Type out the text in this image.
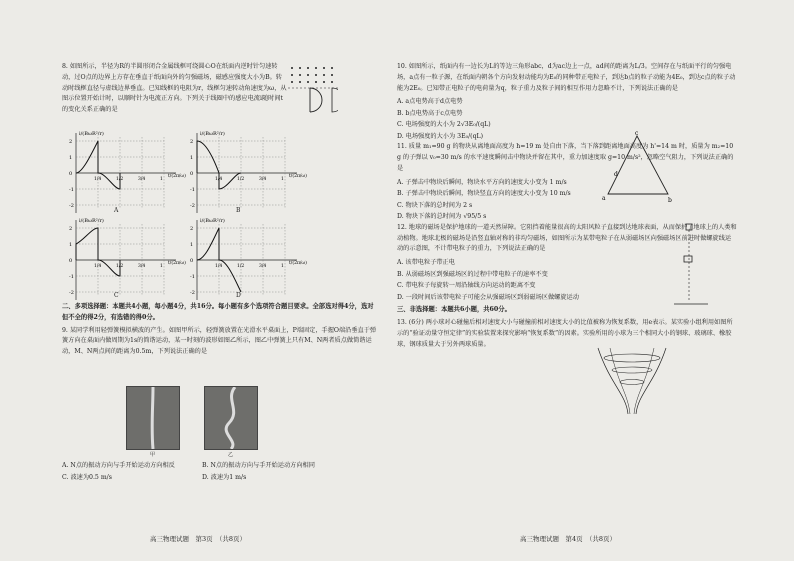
8. 如图所示，半径为R的半圆形闭合金属线框可绕圆心O在纸面内逆时针匀速转动，过O点的边界上方存在垂直于纸面向外的匀强磁场，磁感应强度大小为B。转动时线框直径与虚线边界垂直。已知线框的电阻为r，线框匀速转动角速度为ω，从图示位置开始计时，以顺时针为电流正方向。下列关于线圈中的感应电流i随时间t的变化关系正确的是

2
1
0
-1
-2
1/4	1/2	3/4	1
i/(BωR²/r)
t/(2π/ω)
2
1
0
-1
-2
1/4	1/2	3/4	1
i/(BωR²/r)
t/(2π/ω)
2
1
0
-1
-2
1/4	1/2	3/4	1
i/(BωR²/r)
t/(2π/ω)
2
1
0
-1
-2
1/4	1/2	3/4	1
i/(BωR²/r)
t/(2π/ω)
A	B
C	D

二、多项选择题：本题共4小题，每小题4分，共16分。每小题有多个选项符合题目要求。全部选对得4分，选对但不全的得2分，有选错的得0分。

9. 某同学利用轻弹簧模拟横波的产生。如图甲所示，轻弹簧放置在光滑水平桌面上，P端固定，手握O端沿垂直于弹簧方向在桌面内做周期为1s的简谐运动，某一时刻的波形如图乙所示，图乙中弹簧上只有M、N两者质点做简谐运动，M、N两点间的距离为0.5m，下列说法正确的是

甲	乙

A. N点的振动方向与手开始运动方向相反	B. N点的振动方向与手开始运动方向相同

C. 波速为0.5 m/s	D. 波速为1 m/s

高三物理试题　第3页　（共8页）

10. 如图所示，纸面内有一边长为L的等边三角形abc，d为ac边上一点，ad间的距离为L/3。空间存在与纸面平行的匀强电场，a点有一粒子源，在纸面内朝各个方向发射动能均为E₀的同种带正电粒子，到达b点的粒子动能为4E₀，到达c点的粒子动能为2E₀。已知带正电粒子的电荷量为q，粒子重力及粒子间的相互作用力忽略不计，下列说法正确的是

A. a点电势高于d点电势

B. b点电势高于c点电势

C. 电场强度的大小为 2√3E₀/(qL)

D. 电场强度的大小为 3E₀/(qL)

11. 质量 m₁=90 g 的物块从离地面高度为 h=19 m 处自由下落，当下落到距离地面高度为 h'=14 m 时，质量为 m₂=10 g 的子弹以 v₀=30 m/s 的水平速度瞬间击中物块并留在其中，重力加速度取 g=10 m/s²，忽略空气阻力，下列说法正确的是

A. 子弹击中物块后瞬间，物块水平方向的速度大小变为 1 m/s

B. 子弹击中物块后瞬间，物块竖直方向的速度大小变为 10 m/s

C. 物块下落的总时间为 2 s

D. 物块下落的总时间为 √95/5 s

12. 地球的磁场是保护地球的一道天然屏障。它阻挡着能量很高的太阳风粒子直接到达地球表面，从而保护了地球上的人类和动植物。地球北极的磁场是沿竖直轴对称的非均匀磁场，如图所示为某带电粒子在从弱磁场区向强磁场区前进时做螺旋线运动的示意图，不计带电粒子的重力，下列说法正确的是

A. 该带电粒子带正电

B. 从弱磁场区到强磁场区的过程中带电粒子的速率不变

C. 带电粒子每旋转一周沿轴线方向运动的距离不变

D. 一段时间后该带电粒子可能会从强磁场区到弱磁场区做螺旋运动

三、非选择题：本题共6小题，共60分。

13. (6分) 两小球对心碰撞后相对速度大小与碰撞前相对速度大小的比值被称为恢复系数，用e表示。某实验小组利用如图所示的“验证动量守恒定律”的实验装置来探究影响“恢复系数”的因素。实验所用的小球为三个相同大小的钢球、玻璃球、橡胶球，钢球质量大于另外两球质量。

c
a	b
d
高三物理试题　第4页　（共8页）
